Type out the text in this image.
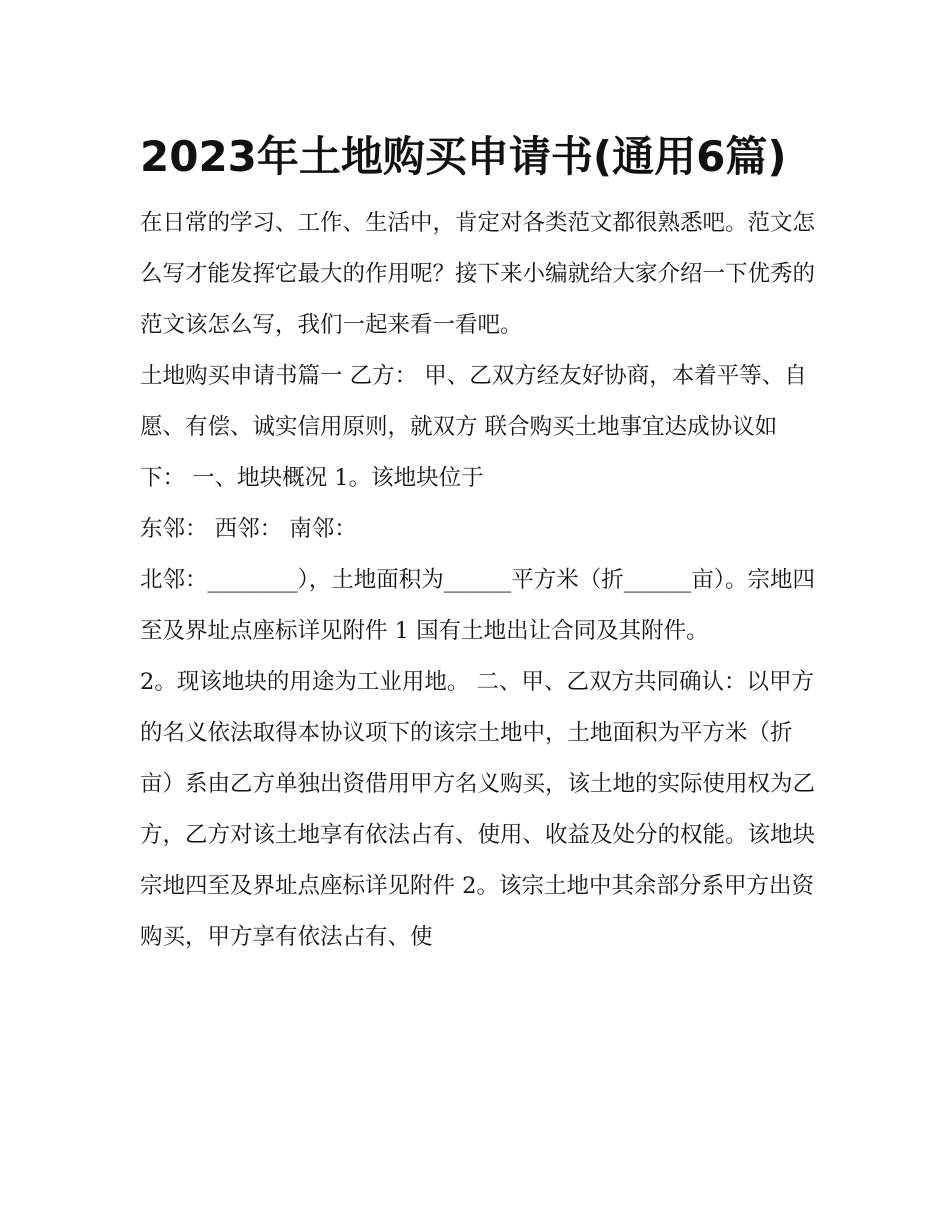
2023年土地购买申请书(通用6篇)

在日常的学习、工作、生活中，肯定对各类范文都很熟悉吧。范文怎么写才能发挥它最大的作用呢？接下来小编就给大家介绍一下优秀的范文该怎么写，我们一起来看一看吧。

土地购买申请书篇一 乙方： 甲、乙双方经友好协商，本着平等、自愿、有偿、诚实信用原则，就双方 联合购买土地事宜达成协议如下： 一、地块概况 1。该地块位于

东邻： 西邻： 南邻：

北邻：________），土地面积为______平方米（折______亩）。宗地四至及界址点座标详见附件 1 国有土地出让合同及其附件。

2。现该地块的用途为工业用地。 二、甲、乙双方共同确认：以甲方的名义依法取得本协议项下的该宗土地中，土地面积为平方米（折亩）系由乙方单独出资借用甲方名义购买，该土地的实际使用权为乙方，乙方对该土地享有依法占有、使用、收益及处分的权能。该地块宗地四至及界址点座标详见附件 2。该宗土地中其余部分系甲方出资购买，甲方享有依法占有、使
